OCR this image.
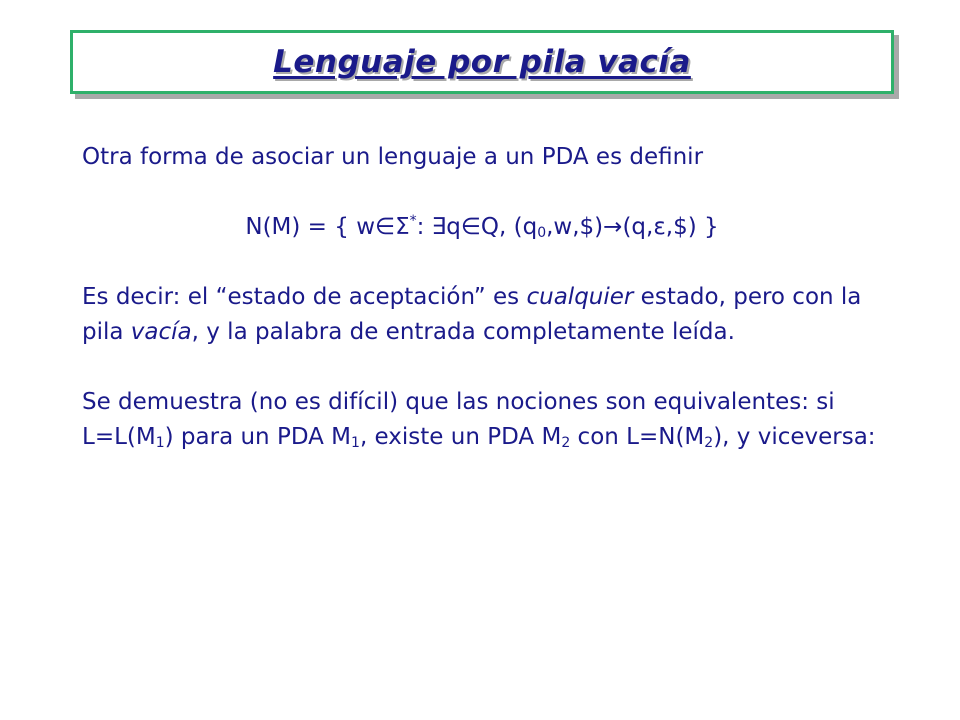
Lenguaje por pila vacía

Otra forma de asociar un lenguaje a un PDA es definir

N(M) = { w∈Σ*: ∃q∈Q, $(q_0,w,\$)\to(q,\varepsilon,\$)$ }

Es decir: el “estado de aceptación” es cualquier estado, pero con la pila vacía, y la palabra de entrada completamente leída.

Se demuestra (no es difícil) que las nociones son equivalentes: si $L=L(M_1)$ para un PDA $M_1$, existe un PDA $M_2$ con $L=N(M_2)$, y viceversa:
